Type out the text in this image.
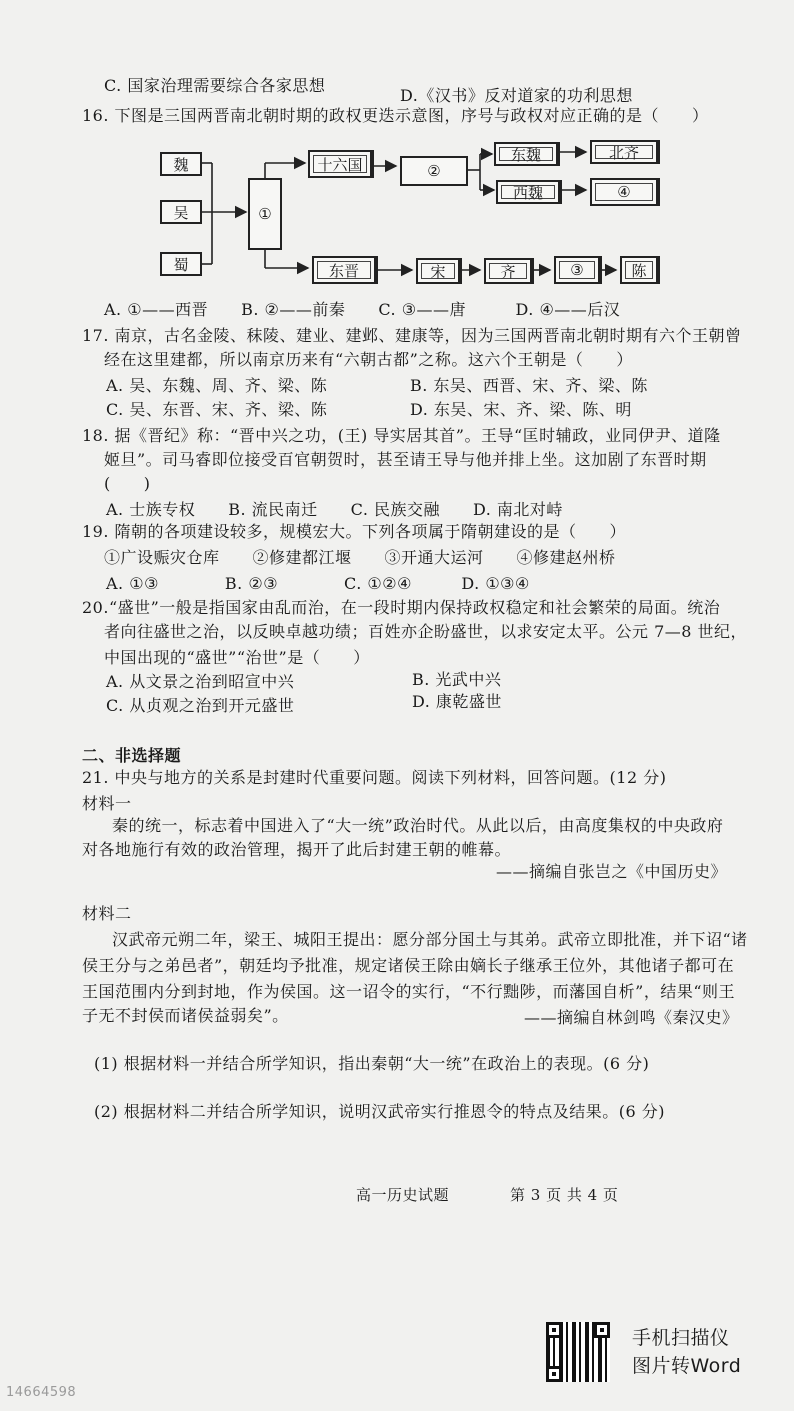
C. 国家治理需要综合各家思想
D.《汉书》反对道家的功利思想
16. 下图是三国两晋南北朝时期的政权更迭示意图，序号与政权对应正确的是（　　）
魏
吴
蜀
①
十六国	②
东魏	北齐
西魏	④
东晋	宋	齐	③	陈
A. ①——西晋　　B. ②——前秦　　C. ③——唐　　　D. ④——后汉
17. 南京，古名金陵、秣陵、建业、建邺、建康等，因为三国两晋南北朝时期有六个王朝曾
经在这里建都，所以南京历来有“六朝古都”之称。这六个王朝是（　　）
A. 吴、东魏、周、齐、梁、陈	B. 东吴、西晋、宋、齐、梁、陈
C. 吴、东晋、宋、齐、梁、陈	D. 东吴、宋、齐、梁、陈、明
18. 据《晋纪》称：“晋中兴之功，(王) 导实居其首”。王导“匡时辅政，业同伊尹、道隆
姬旦”。司马睿即位接受百官朝贺时，甚至请王导与他并排上坐。这加剧了东晋时期
(　　)
A. 士族专权　　B. 流民南迁　　C. 民族交融　　D. 南北对峙
19. 隋朝的各项建设较多，规模宏大。下列各项属于隋朝建设的是（　　）
①广设赈灾仓库　　②修建都江堰　　③开通大运河　　④修建赵州桥
A. ①③　　　　B. ②③　　　　C. ①②④　　　D. ①③④
20.“盛世”一般是指国家由乱而治，在一段时期内保持政权稳定和社会繁荣的局面。统治
者向往盛世之治，以反映卓越功绩；百姓亦企盼盛世，以求安定太平。公元 7—8 世纪，
中国出现的“盛世”“治世”是（　　）
A. 从文景之治到昭宣中兴	B. 光武中兴
C. 从贞观之治到开元盛世	D. 康乾盛世
二、非选择题
21. 中央与地方的关系是封建时代重要问题。阅读下列材料，回答问题。(12 分)
材料一
秦的统一，标志着中国进入了“大一统”政治时代。从此以后，由高度集权的中央政府
对各地施行有效的政治管理，揭开了此后封建王朝的帷幕。
——摘编自张岂之《中国历史》
材料二
汉武帝元朔二年，梁王、城阳王提出：愿分部分国土与其弟。武帝立即批准，并下诏“诸
侯王分与之弟邑者”，朝廷均予批准，规定诸侯王除由嫡长子继承王位外，其他诸子都可在
王国范围内分到封地，作为侯国。这一诏令的实行，“不行黜陟，而藩国自析”，结果“则王
子无不封侯而诸侯益弱矣”。	——摘编自林剑鸣《秦汉史》
(1) 根据材料一并结合所学知识，指出秦朝“大一统”在政治上的表现。(6 分)
(2) 根据材料二并结合所学知识，说明汉武帝实行推恩令的特点及结果。(6 分)
高一历史试题	第 3 页 共 4 页
手机扫描仪
图片转Word
14664598
